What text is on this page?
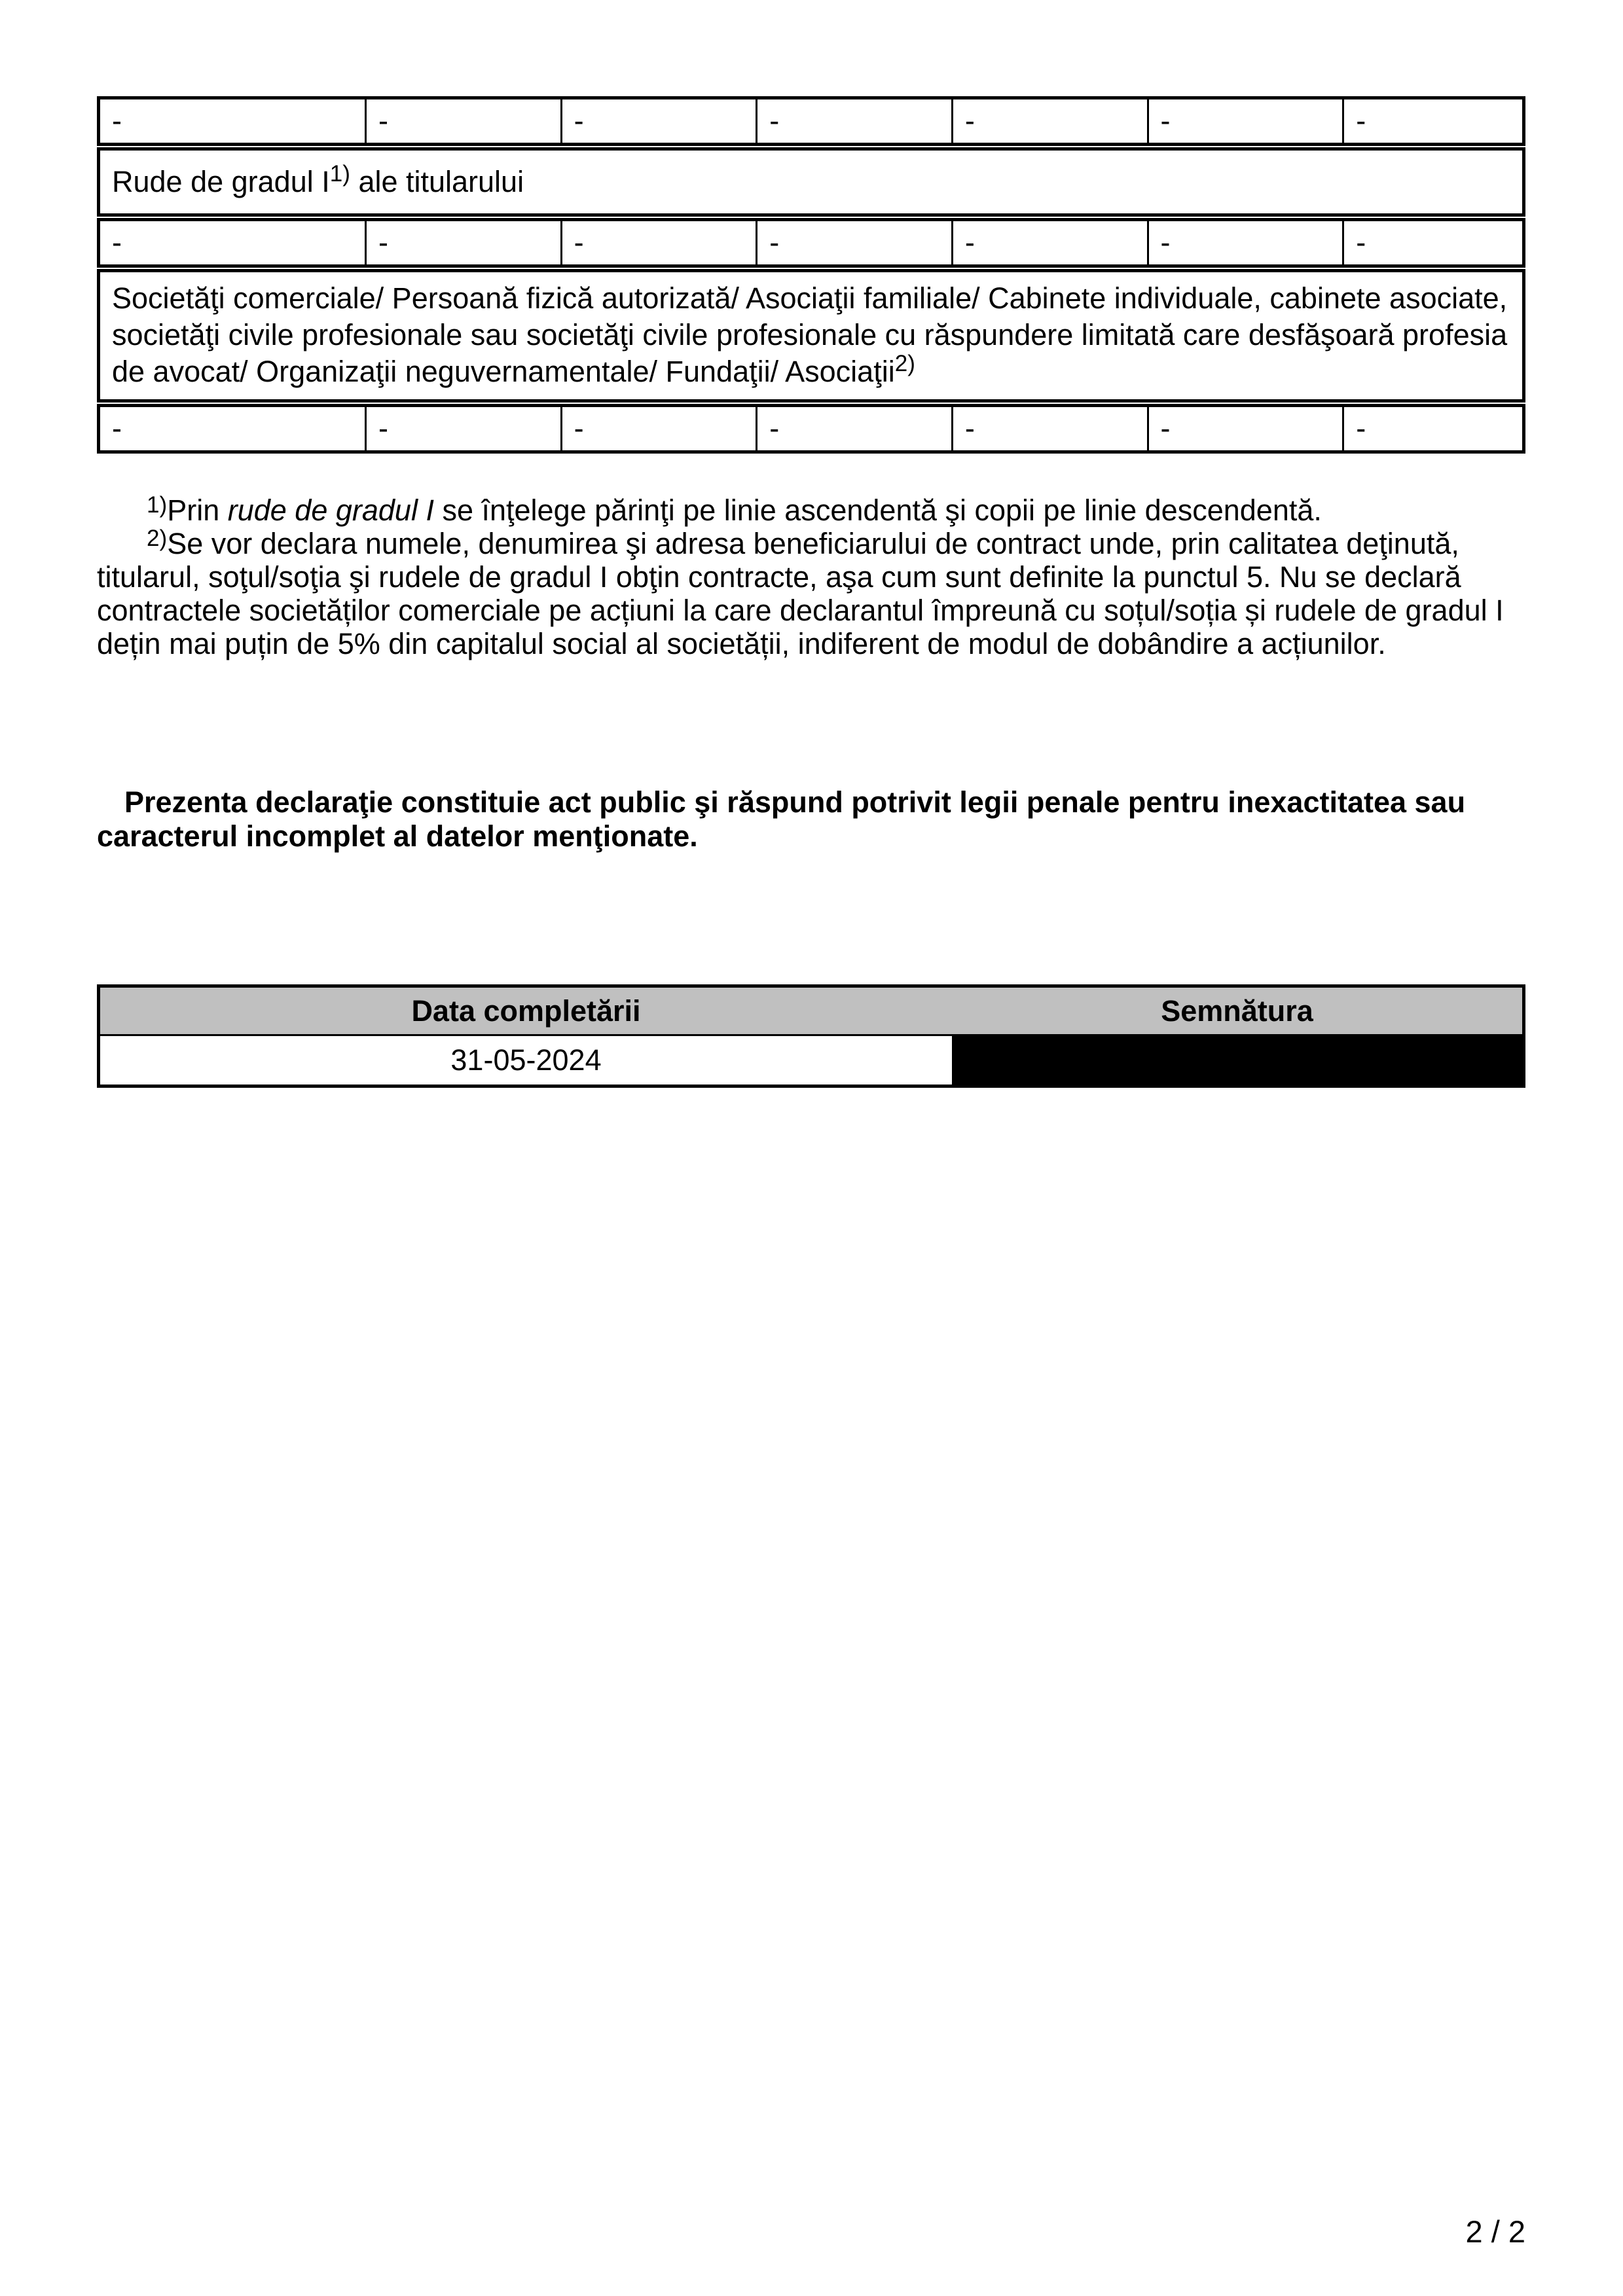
-	-	-	-	-	-	-
Rude de gradul I1) ale titularului
-	-	-	-	-	-	-
Societăţi comerciale/ Persoană fizică autorizată/ Asociaţii familiale/ Cabinete individuale, cabinete asociate, societăţi civile profesionale sau societăţi civile profesionale cu răspundere limitată care desfăşoară profesia de avocat/ Organizaţii neguvernamentale/ Fundaţii/ Asociaţii2)
-	-	-	-	-	-	-

1)Prin rude de gradul I se înţelege părinţi pe linie ascendentă şi copii pe linie descendentă.

2)Se vor declara numele, denumirea şi adresa beneficiarului de contract unde, prin calitatea deţinută, titularul, soţul/soţia şi rudele de gradul I obţin contracte, aşa cum sunt definite la punctul 5. Nu se declară contractele societăților comerciale pe acțiuni la care declarantul împreună cu soțul/soția și rudele de gradul I dețin mai puțin de 5% din capitalul social al societății, indiferent de modul de dobândire a acțiunilor.

Prezenta declaraţie constituie act public şi răspund potrivit legii penale pentru inexactitatea sau caracterul incomplet al datelor menţionate.

Data completării	Semnătura
31-05-2024
2 / 2
